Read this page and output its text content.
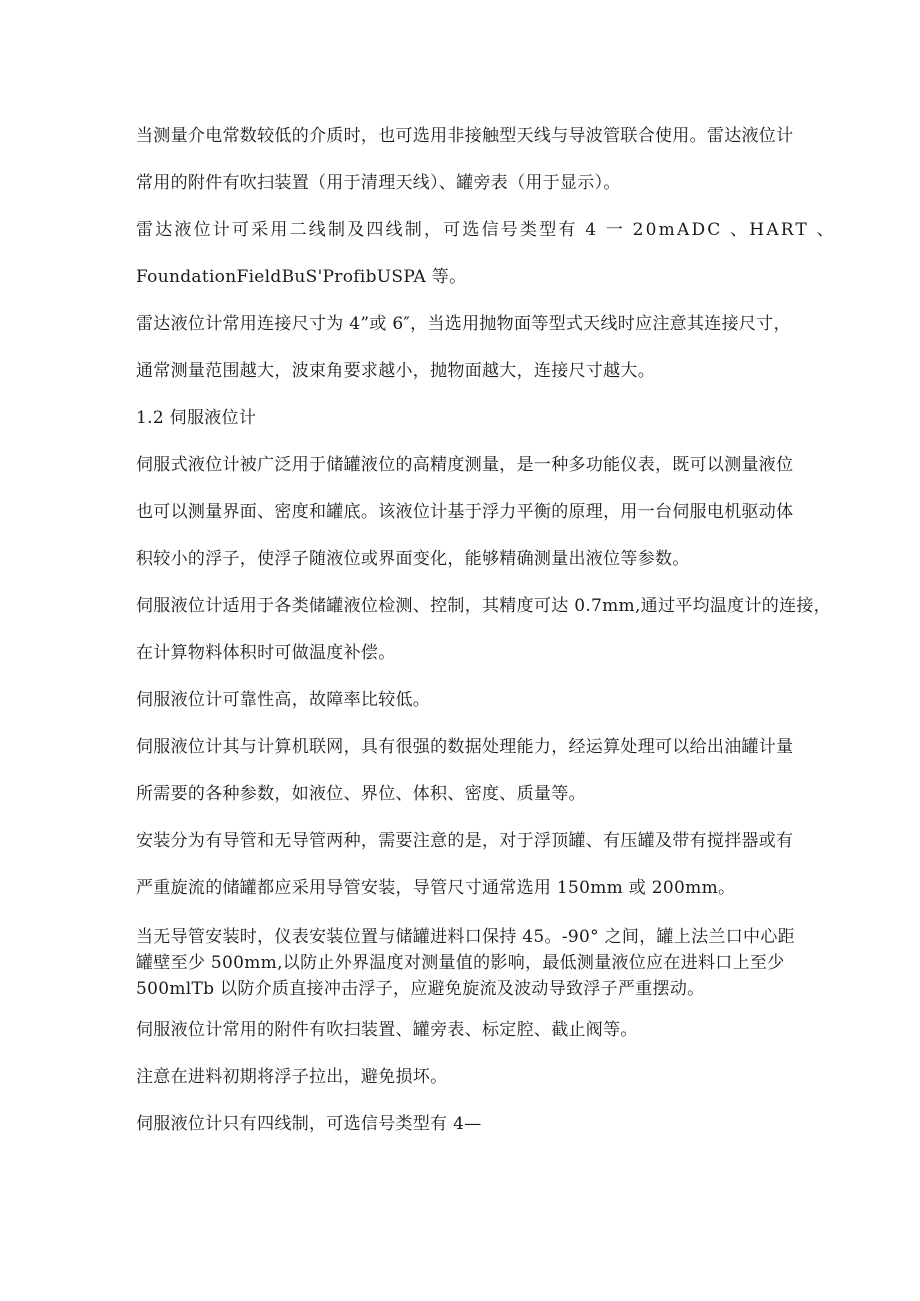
当测量介电常数较低的介质时，也可选用非接触型天线与导波管联合使用。雷达液位计
常用的附件有吹扫装置（用于清理天线）、罐旁表（用于显示）。
雷达液位计可采用二线制及四线制，可选信号类型有 4 一 20mADC 、HART 、
FoundationFieldBuS'ProfibUSPA 等。
雷达液位计常用连接尺寸为 4”或 6″，当选用抛物面等型式天线时应注意其连接尺寸，
通常测量范围越大，波束角要求越小，抛物面越大，连接尺寸越大。
1.2 伺服液位计
伺服式液位计被广泛用于储罐液位的高精度测量，是一种多功能仪表，既可以测量液位
也可以测量界面、密度和罐底。该液位计基于浮力平衡的原理，用一台伺服电机驱动体
积较小的浮子，使浮子随液位或界面变化，能够精确测量出液位等参数。
伺服液位计适用于各类储罐液位检测、控制，其精度可达 0.7mm,通过平均温度计的连接，
在计算物料体积时可做温度补偿。
伺服液位计可靠性高，故障率比较低。
伺服液位计其与计算机联网，具有很强的数据处理能力，经运算处理可以给出油罐计量
所需要的各种参数，如液位、界位、体积、密度、质量等。
安装分为有导管和无导管两种，需要注意的是，对于浮顶罐、有压罐及带有搅拌器或有
严重旋流的储罐都应采用导管安装，导管尺寸通常选用 150mm 或 200mm。
当无导管安装时，仪表安装位置与储罐进料口保持 45。-90° 之间，罐上法兰口中心距
罐壁至少 500mm,以防止外界温度对测量值的影响，最低测量液位应在进料口上至少
500mlTb 以防介质直接冲击浮子，应避免旋流及波动导致浮子严重摆动。
伺服液位计常用的附件有吹扫装置、罐旁表、标定腔、截止阀等。
注意在进料初期将浮子拉出，避免损坏。
伺服液位计只有四线制，可选信号类型有 4—
